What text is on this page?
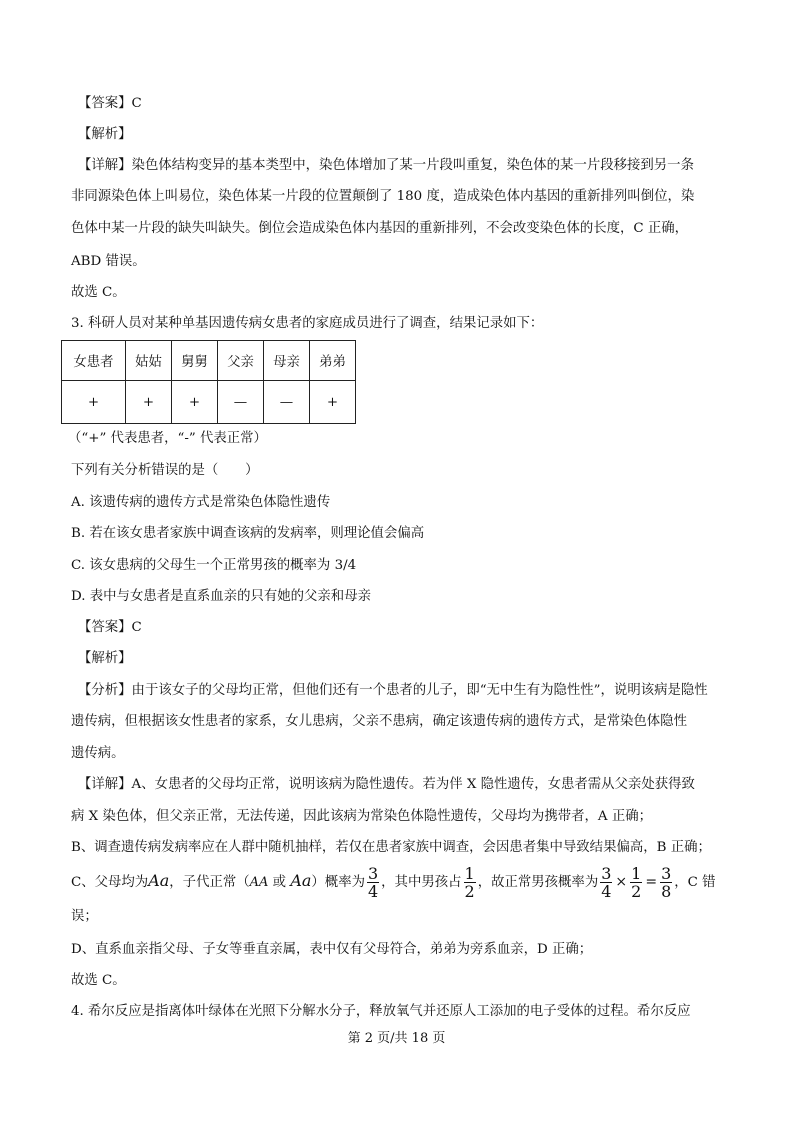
【答案】C
【解析】
【详解】染色体结构变异的基本类型中，染色体增加了某一片段叫重复，染色体的某一片段移接到另一条
非同源染色体上叫易位，染色体某一片段的位置颠倒了 180 度，造成染色体内基因的重新排列叫倒位，染
色体中某一片段的缺失叫缺失。倒位会造成染色体内基因的重新排列，不会改变染色体的长度，C 正确，
ABD 错误。
故选 C。
3. 科研人员对某种单基因遗传病女患者的家庭成员进行了调查，结果记录如下：
女患者	姑姑	舅舅	父亲	母亲	弟弟
+	+	+	—	—	+
（“+” 代表患者，“-” 代表正常）
下列有关分析错误的是（　　）
A. 该遗传病的遗传方式是常染色体隐性遗传
B. 若在该女患者家族中调查该病的发病率，则理论值会偏高
C. 该女患病的父母生一个正常男孩的概率为 3/4
D. 表中与女患者是直系血亲的只有她的父亲和母亲
【答案】C
【解析】
【分析】由于该女子的父母均正常，但他们还有一个患者的儿子，即“无中生有为隐性性”，说明该病是隐性
遗传病，但根据该女性患者的家系，女儿患病，父亲不患病，确定该遗传病的遗传方式，是常染色体隐性
遗传病。
【详解】A、女患者的父母均正常，说明该病为隐性遗传。若为伴 X 隐性遗传，女患者需从父亲处获得致
病 X 染色体，但父亲正常，无法传递，因此该病为常染色体隐性遗传，父母均为携带者，A 正确；
B、调查遗传病发病率应在人群中随机抽样，若仅在患者家族中调查，会因患者集中导致结果偏高，B 正确；
C、父母均为Aa，子代正常（AA 或 Aa）概率为 $\frac{3}{4}$ ，其中男孩占 $\frac{1}{2}$ ，故正常男孩概率为 $\frac{3}{4} \times \frac{1}{2} = \frac{3}{8}$ ，C 错
误；
D、直系血亲指父母、子女等垂直亲属，表中仅有父母符合，弟弟为旁系血亲，D 正确；
故选 C。
4. 希尔反应是指离体叶绿体在光照下分解水分子，释放氧气并还原人工添加的电子受体的过程。希尔反应
第 2 页/共 18 页
